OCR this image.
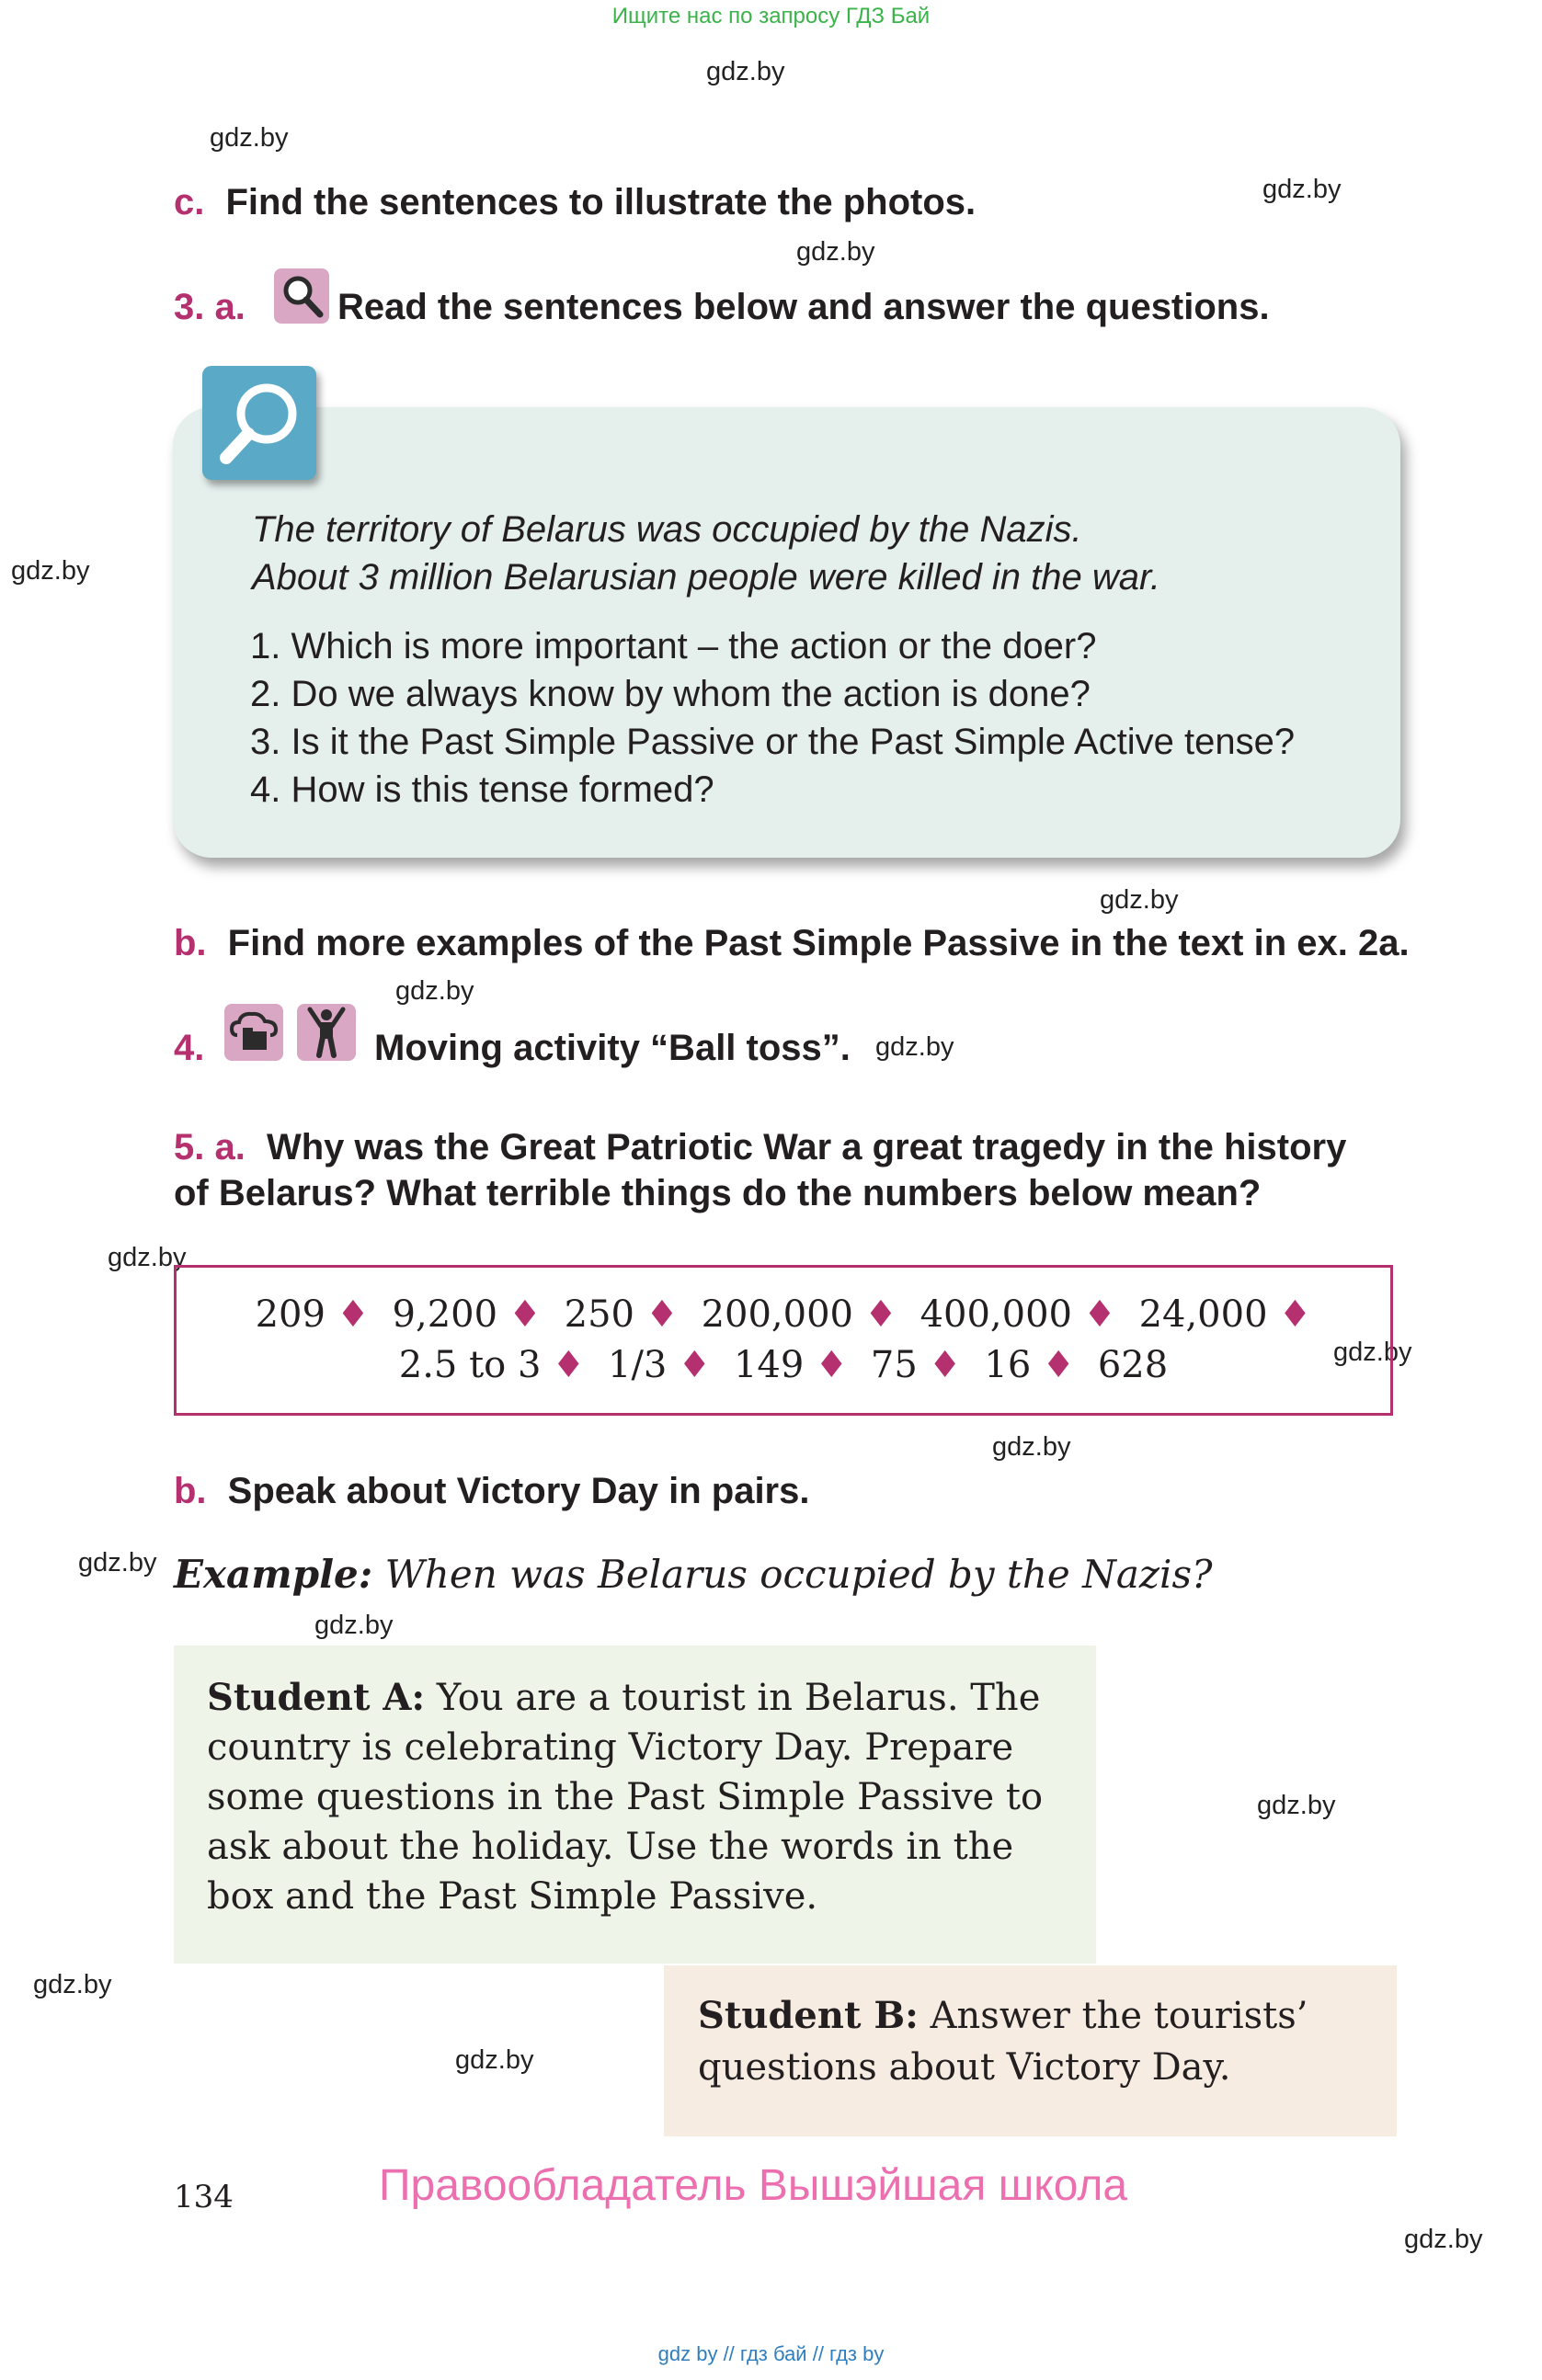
Ищите нас по запросу ГДЗ Бай
gdz.by
gdz.by
gdz.by
gdz.by
gdz.by
gdz.by
gdz.by
gdz.by
gdz.by
gdz.by
gdz.by
gdz.by
gdz.by
gdz.by
gdz.by
gdz.by
gdz.by
c. Find the sentences to illustrate the photos.
3. a.	Read the sentences below and answer the questions.
The territory of Belarus was occupied by the Nazis.
About 3 million Belarusian people were killed in the war.
1. Which is more important – the action or the doer?
2. Do we always know by whom the action is done?
3. Is it the Past Simple Passive or the Past Simple Active tense?
4. How is this tense formed?
b. Find more examples of the Past Simple Passive in the text in ex. 2a.
4.	Moving activity “Ball toss”.
5. a. Why was the Great Patriotic War a great tragedy in the history
of Belarus? What terrible things do the numbers below mean?
209 ♦ 9,200 ♦ 250 ♦ 200,000 ♦ 400,000 ♦ 24,000 ♦
2.5 to 3 ♦ 1/3 ♦ 149 ♦ 75 ♦ 16 ♦ 628
b. Speak about Victory Day in pairs.
Example: When was Belarus occupied by the Nazis?
Student A: You are a tourist in Belarus. The
country is celebrating Victory Day. Prepare
some questions in the Past Simple Passive to
ask about the holiday. Use the words in the
box and the Past Simple Passive.
Student B: Answer the tourists’
questions about Victory Day.
134	Правообладатель Вышэйшая школа
gdz by // гдз бай // гдз by
